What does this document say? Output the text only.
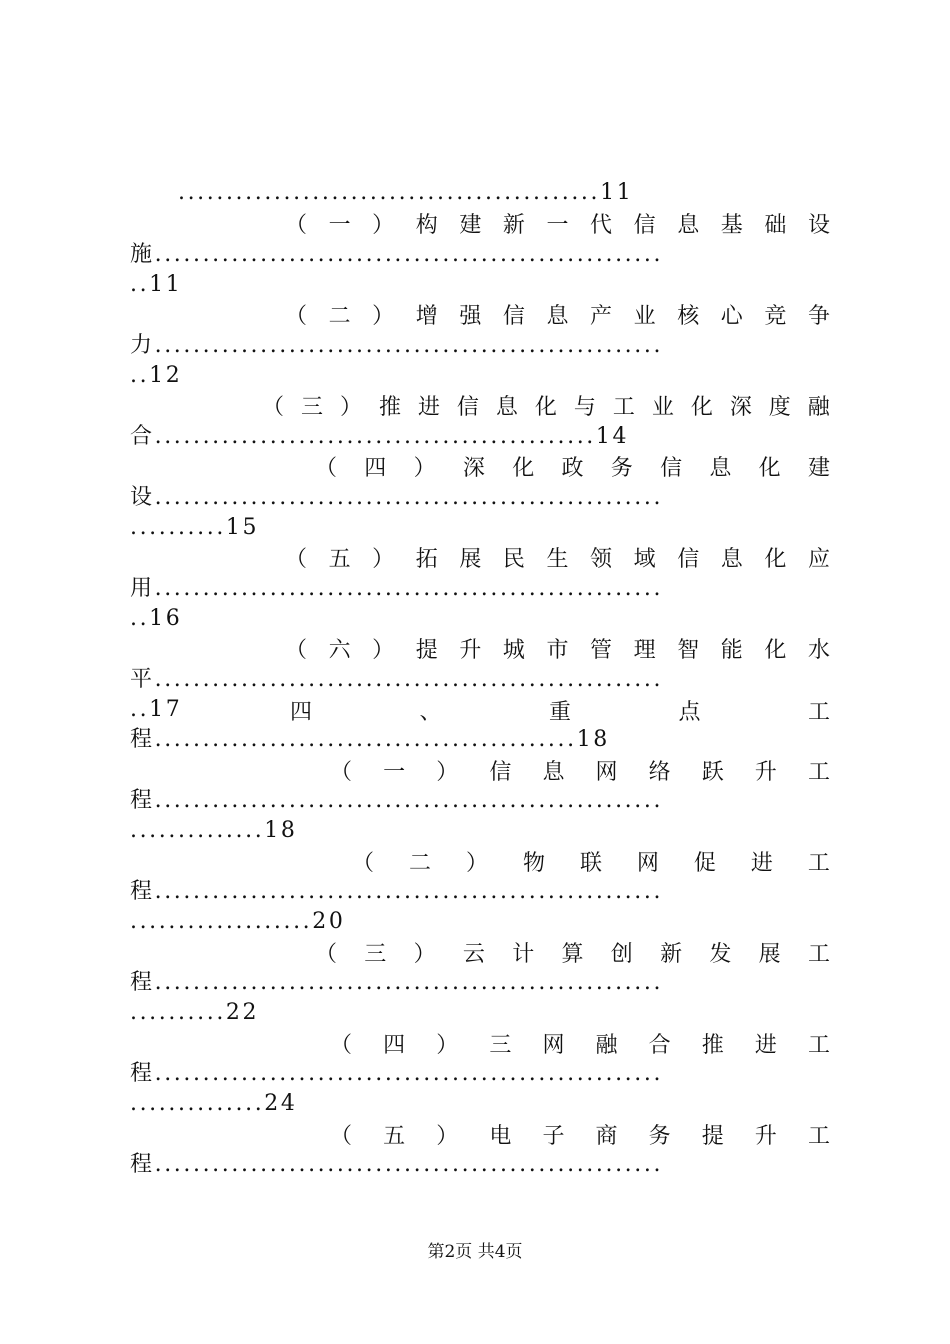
............................................11
（ 一 ） 构 建 新 一 代 信 息 基 础 设
施.....................................................
..11
（ 二 ） 增 强 信 息 产 业 核 心 竞 争
力.....................................................
..12
（ 三 ） 推 进 信 息 化 与 工 业 化 深 度 融
合..............................................14
（ 四 ） 深 化 政 务 信 息 化 建
设.....................................................
..........15
（ 五 ） 拓 展 民 生 领 域 信 息 化 应
用.....................................................
..16
（ 六 ） 提 升 城 市 管 理 智 能 化 水
平.....................................................
..17	四	、	重	点	工
程............................................18
（ 一 ） 信 息 网 络 跃 升 工
程.....................................................
..............18
（ 二 ） 物 联 网 促 进 工
程.....................................................
...................20
（ 三 ） 云 计 算 创 新 发 展 工
程.....................................................
..........22
（ 四 ） 三 网 融 合 推 进 工
程.....................................................
..............24
（ 五 ） 电 子 商 务 提 升 工
程.....................................................
第2页 共4页
